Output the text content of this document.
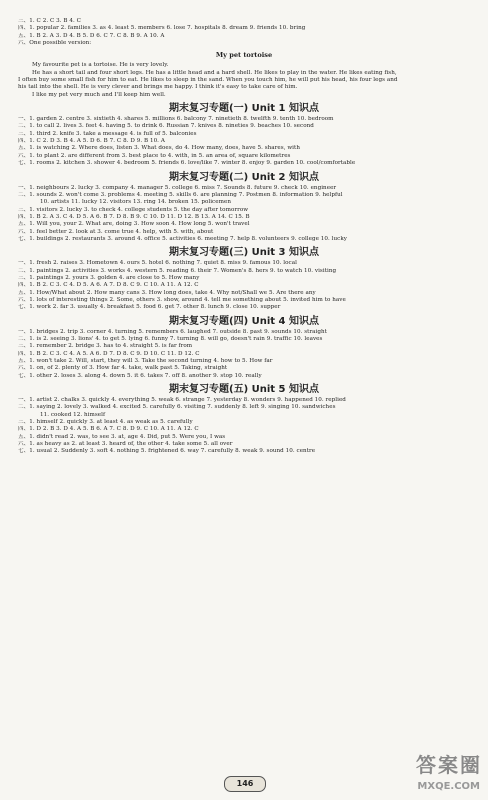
三、1. C 2. C 3. B 4. C
四、1. popular 2. families 3. as 4. least 5. members 6. lose 7. hospitals 8. dream 9. friends 10. bring
五、1. B 2. A 3. D 4. B 5. D 6. C 7. C 8. B 9. A 10. A
六、One possible version:
My pet tortoise
My favourite pet is a tortoise. He is very lovely.
He has a short tail and four short legs. He has a little head and a hard shell. He likes to play in the water. He likes eating fish,
I often buy some small fish for him to eat. He likes to sleep in the sand. When you touch him, he will put his head, his four legs and
his tail into the shell. He is very clever and brings me happy. I think it's easy to take care of him.
I like my pet very much and I'll keep him well.
期末复习专题(一) Unit 1 知识点
一、1. garden 2. centre 3. sixtieth 4. shares 5. millions 6. balcony 7. ninetieth 8. twelfth 9. tenth 10. bedroom
二、1. to call 2. lives 3. feet 4. having 5. to drink 6. Russian 7. knives 8. nineties 9. beaches 10. second
三、1. third 2. knife 3. take a message 4. is full of 5. balconies
四、1. C 2. D 3. B 4. A 5. D 6. B 7. C 8. D 9. B 10. A
五、1. is watching 2. Where does, listen 3. What does, do 4. How many, does, have 5. shares, with
六、1. to plant 2. are different from 3. best place to 4. with, in 5. an area of, square kilometres
七、1. rooms 2. kitchen 3. shower 4. bedroom 5. friends 6. love/like 7. winter 8. enjoy 9. garden 10. cool/comfortable
期末复习专题(二) Unit 2 知识点
一、1. neighbours 2. lucky 3. company 4. manager 5. college 6. miss 7. Sounds 8. future 9. check 10. engineer
二、1. sounds 2. won't come 3. problems 4. meeting 5. skills 6. are planning 7. Postmen 8. information 9. helpful
10. artists 11. lucky 12. visitors 13. ring 14. broken 15. policemen
三、1. visitors 2. lucky 3. to check 4. college students 5. the day after tomorrow
四、1. B 2. A 3. C 4. D 5. A 6. B 7. D 8. B 9. C 10. D 11. D 12. B 13. A 14. C 15. B
五、1. Will you, your 2. What are, doing 3. How soon 4. How long 5. won't travel
六、1. feel better 2. look at 3. come true 4. help, with 5. with, about
七、1. buildings 2. restaurants 3. around 4. office 5. activities 6. meeting 7. help 8. volunteers 9. college 10. lucky
期末复习专题(三) Unit 3 知识点
一、1. fresh 2. raises 3. Hometown 4. ours 5. hotel 6. nothing 7. quiet 8. miss 9. famous 10. local
二、1. paintings 2. activities 3. works 4. western 5. reading 6. their 7. Women's 8. hers 9. to watch 10. visiting
三、1. paintings 2. yours 3. golden 4. are close to 5. How many
四、1. B 2. C 3. C 4. D 5. A 6. A 7. D 8. C 9. C 10. A 11. A 12. C
五、1. How/What about 2. How many cans 3. How long does, take 4. Why not/Shall we 5. Are there any
六、1. lots of interesting things 2. Some, others 3. show, around 4. tell me something about 5. invited him to have
七、1. work 2. far 3. usually 4. breakfast 5. food 6. get 7. other 8. lunch 9. close 10. supper
期末复习专题(四) Unit 4 知识点
一、1. bridges 2. trip 3. corner 4. turning 5. remembers 6. laughed 7. outside 8. past 9. sounds 10. straight
二、1. is 2. seeing 3. lions' 4. to get 5. lying 6. funny 7. turning 8. will go, doesn't rain 9. traffic 10. leaves
三、1. remember 2. bridge 3. has to 4. straight 5. is far from
四、1. B 2. C 3. C 4. A 5. A 6. D 7. D 8. C 9. D 10. C 11. D 12. C
五、1. won't take 2. Will, start, they will 3. Take the second turning 4. how to 5. How far
六、1. on, of 2. plenty of 3. How far 4. take, walk past 5. Taking, straight
七、1. other 2. loses 3. along 4. down 5. it 6. takes 7. off 8. another 9. stop 10. really
期末复习专题(五) Unit 5 知识点
一、1. artist 2. chalks 3. quickly 4. everything 5. weak 6. strange 7. yesterday 8. wonders 9. happened 10. replied
二、1. saying 2. lovely 3. walked 4. excited 5. carefully 6. visiting 7. suddenly 8. left 9. singing 10. sandwiches
11. cooked 12. himself
三、1. himself 2. quickly 3. at least 4. as weak as 5. carefully
四、1. D 2. B 3. D 4. A 5. B 6. A 7. C 8. D 9. C 10. A 11. A 12. C
五、1. didn't read 2. was, to see 3. at, age 4. Did, put 5. Were you, I was
六、1. as heavy as 2. at least 3. heard of, the other 4. take some 5. all over
七、1. usual 2. Suddenly 3. soft 4. nothing 5. frightened 6. way 7. carefully 8. weak 9. sound 10. centre
146
答案圈
MXQE.COM
